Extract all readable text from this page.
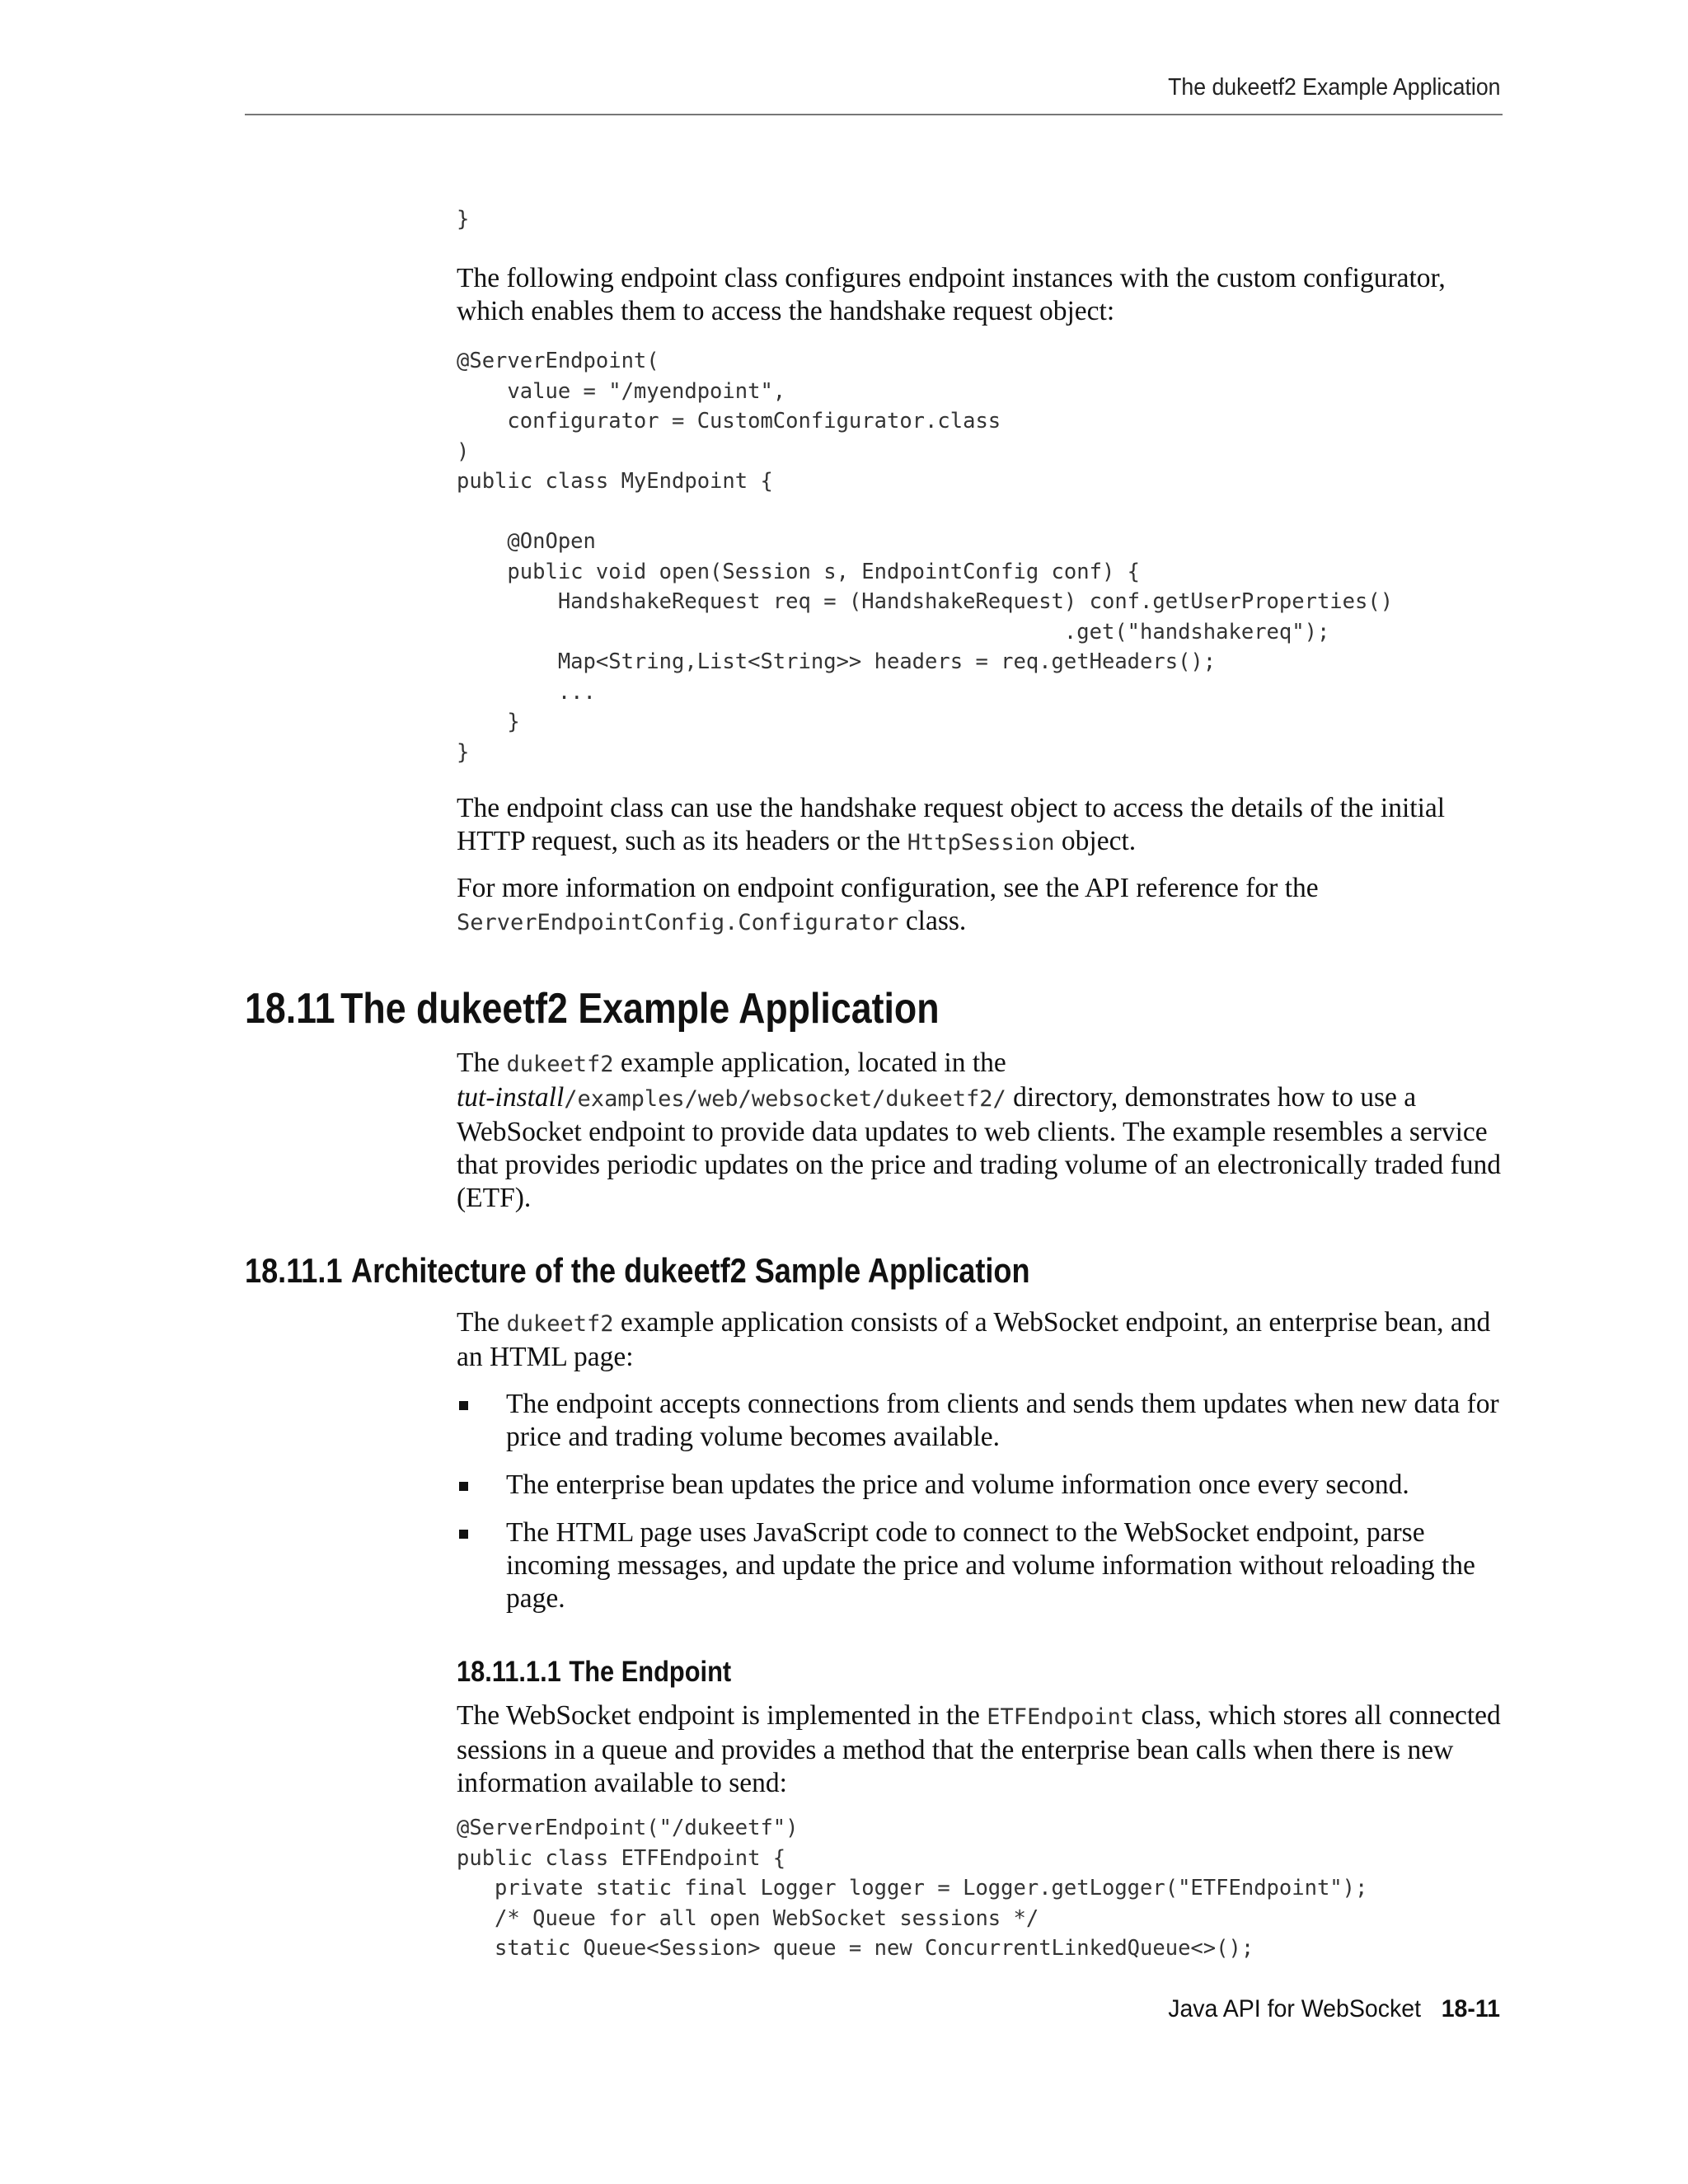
The dukeetf2 Example Application
}

The following endpoint class configures endpoint instances with the custom configurator, which enables them to access the handshake request object:

@ServerEndpoint(
value = "/myendpoint",
configurator = CustomConfigurator.class
)
public class MyEndpoint {

@OnOpen
public void open(Session s, EndpointConfig conf) {
HandshakeRequest req = (HandshakeRequest) conf.getUserProperties()
.get("handshakereq");
Map<String,List<String>> headers = req.getHeaders();
...
}
}

The endpoint class can use the handshake request object to access the details of the initial HTTP request, such as its headers or the HttpSession object.

For more information on endpoint configuration, see the API reference for the ServerEndpointConfig.Configurator class.

18.11 The dukeetf2 Example Application

The dukeetf2 example application, located in the
tut-install/examples/web/websocket/dukeetf2/ directory, demonstrates how to use a WebSocket endpoint to provide data updates to web clients. The example resembles a service that provides periodic updates on the price and trading volume of an electronically traded fund (ETF).

18.11.1 Architecture of the dukeetf2 Sample Application

The dukeetf2 example application consists of a WebSocket endpoint, an enterprise bean, and an HTML page:

The endpoint accepts connections from clients and sends them updates when new data for price and trading volume becomes available.
The enterprise bean updates the price and volume information once every second.
The HTML page uses JavaScript code to connect to the WebSocket endpoint, parse incoming messages, and update the price and volume information without reloading the page.
18.11.1.1 The Endpoint

The WebSocket endpoint is implemented in the ETFEndpoint class, which stores all connected sessions in a queue and provides a method that the enterprise bean calls when there is new information available to send:

@ServerEndpoint("/dukeetf")
public class ETFEndpoint {
private static final Logger logger = Logger.getLogger("ETFEndpoint");
/* Queue for all open WebSocket sessions */
static Queue<Session> queue = new ConcurrentLinkedQueue<>();
Java API for WebSocket 18-11
